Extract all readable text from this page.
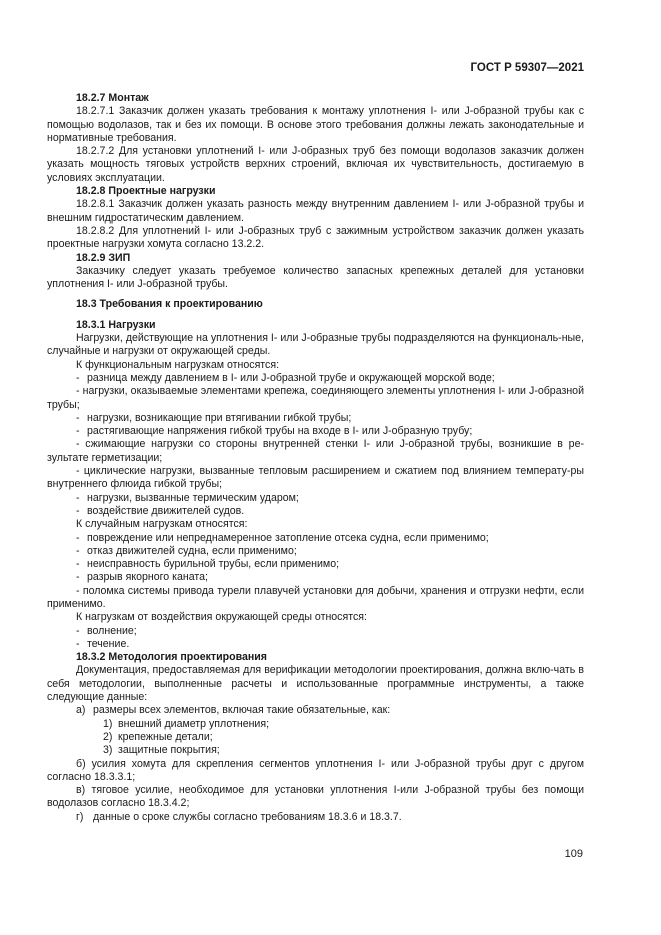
ГОСТ Р 59307—2021

18.2.7 Монтаж

18.2.7.1 Заказчик должен указать требования к монтажу уплотнения I- или J-образной трубы как с помощью водолазов, так и без их помощи. В основе этого требования должны лежать законодательные и нормативные требования.

18.2.7.2 Для установки уплотнений I- или J-образных труб без помощи водолазов заказчик должен указать мощность тяговых устройств верхних строений, включая их чувствительность, достигаемую в условиях эксплуатации.

18.2.8 Проектные нагрузки

18.2.8.1 Заказчик должен указать разность между внутренним давлением I- или J-образной трубы и внешним гидростатическим давлением.

18.2.8.2 Для уплотнений I- или J-образных труб с зажимным устройством заказчик должен указать проектные нагрузки хомута согласно 13.2.2.

18.2.9 ЗИП

Заказчику следует указать требуемое количество запасных крепежных деталей для установки уплотнения I- или J-образной трубы.

18.3 Требования к проектированию

18.3.1 Нагрузки

Нагрузки, действующие на уплотнения I- или J-образные трубы подразделяются на функциональ-ные, случайные и нагрузки от окружающей среды.

К функциональным нагрузкам относятся:

- разница между давлением в I- или J-образной трубе и окружающей морской воде;

- нагрузки, оказываемые элементами крепежа, соединяющего элементы уплотнения I- или J-образной трубы;

- нагрузки, возникающие при втягивании гибкой трубы;

- растягивающие напряжения гибкой трубы на входе в I- или J-образную трубу;

- сжимающие нагрузки со стороны внутренней стенки I- или J-образной трубы, возникшие в ре-зультате герметизации;

- циклические нагрузки, вызванные тепловым расширением и сжатием под влиянием температу-ры внутреннего флюида гибкой трубы;

- нагрузки, вызванные термическим ударом;

- воздействие движителей судов.

К случайным нагрузкам относятся:

- повреждение или непреднамеренное затопление отсека судна, если применимо;

- отказ движителей судна, если применимо;

- неисправность бурильной трубы, если применимо;

- разрыв якорного каната;

- поломка системы привода турели плавучей установки для добычи, хранения и отгрузки нефти, если применимо.

К нагрузкам от воздействия окружающей среды относятся:

- волнение;

- течение.

18.3.2 Методология проектирования

Документация, предоставляемая для верификации методологии проектирования, должна вклю-чать в себя методологии, выполненные расчеты и использованные программные инструменты, а также следующие данные:

а) размеры всех элементов, включая такие обязательные, как:

1) внешний диаметр уплотнения;

2) крепежные детали;

3) защитные покрытия;

б) усилия хомута для скрепления сегментов уплотнения I- или J-образной трубы друг с другом согласно 18.3.3.1;

в) тяговое усилие, необходимое для установки уплотнения I-или J-образной трубы без помощи водолазов согласно 18.3.4.2;

г) данные о сроке службы согласно требованиям 18.3.6 и 18.3.7.

109
